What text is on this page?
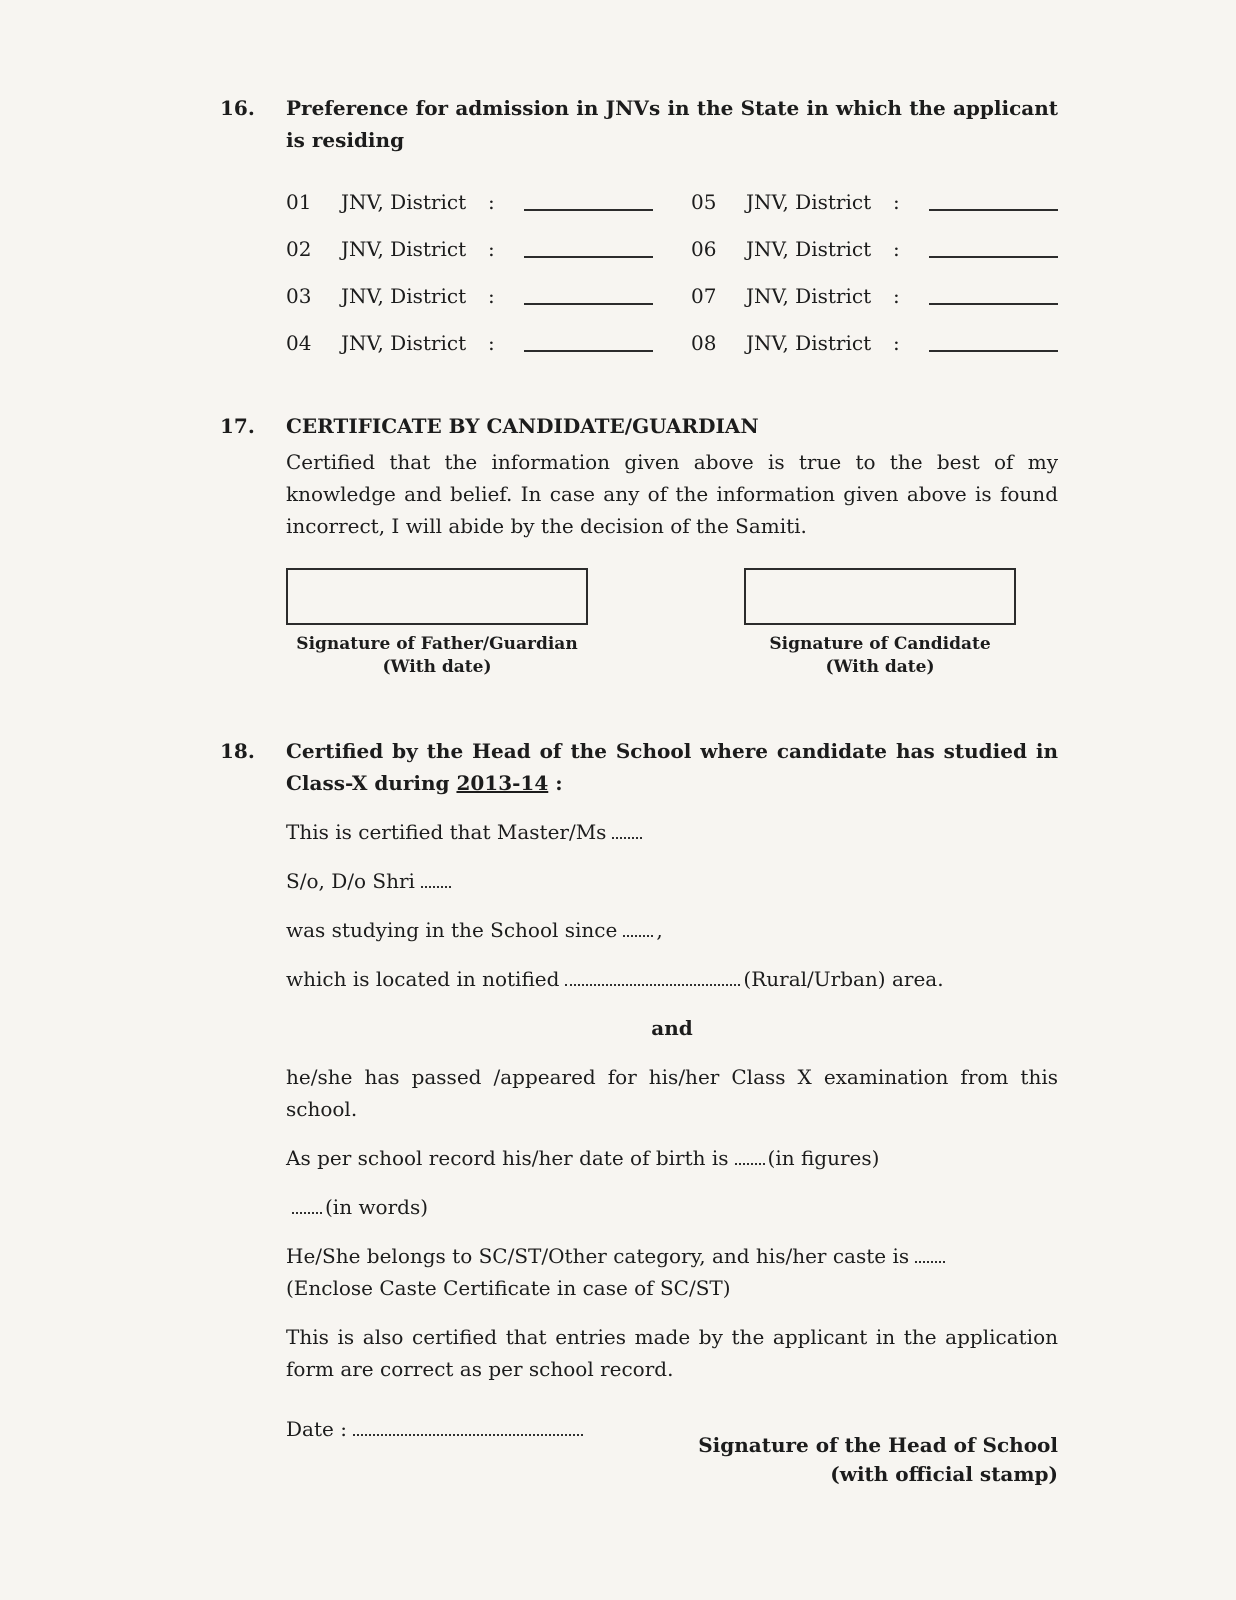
16.	Preference for admission in JNVs in the State in which the applicant is residing
01	JNV, District	:	05	JNV, District	:
02	JNV, District	:	06	JNV, District	:
03	JNV, District	:	07	JNV, District	:
04	JNV, District	:	08	JNV, District	:
17.	CERTIFICATE BY CANDIDATE/GUARDIAN

Certified that the information given above is true to the best of my knowledge and belief. In case any of the information given above is found incorrect, I will abide by the decision of the Samiti.

Signature of Father/Guardian
(With date)
Signature of Candidate
(With date)
18.	Certified by the Head of the School where candidate has studied in Class-X during 2013-14 :
This is certified that Master/Ms
S/o, D/o Shri
was studying in the School since ,
which is located in notified	(Rural/Urban) area.
and

he/she has passed /appeared for his/her Class X examination from this school.

As per school record his/her date of birth is (in figures)
(in words)
He/She belongs to SC/ST/Other category, and his/her caste is
(Enclose Caste Certificate in case of SC/ST)

This is also certified that entries made by the applicant in the application form are correct as per school record.

Date :
Signature of the Head of School
(with official stamp)
